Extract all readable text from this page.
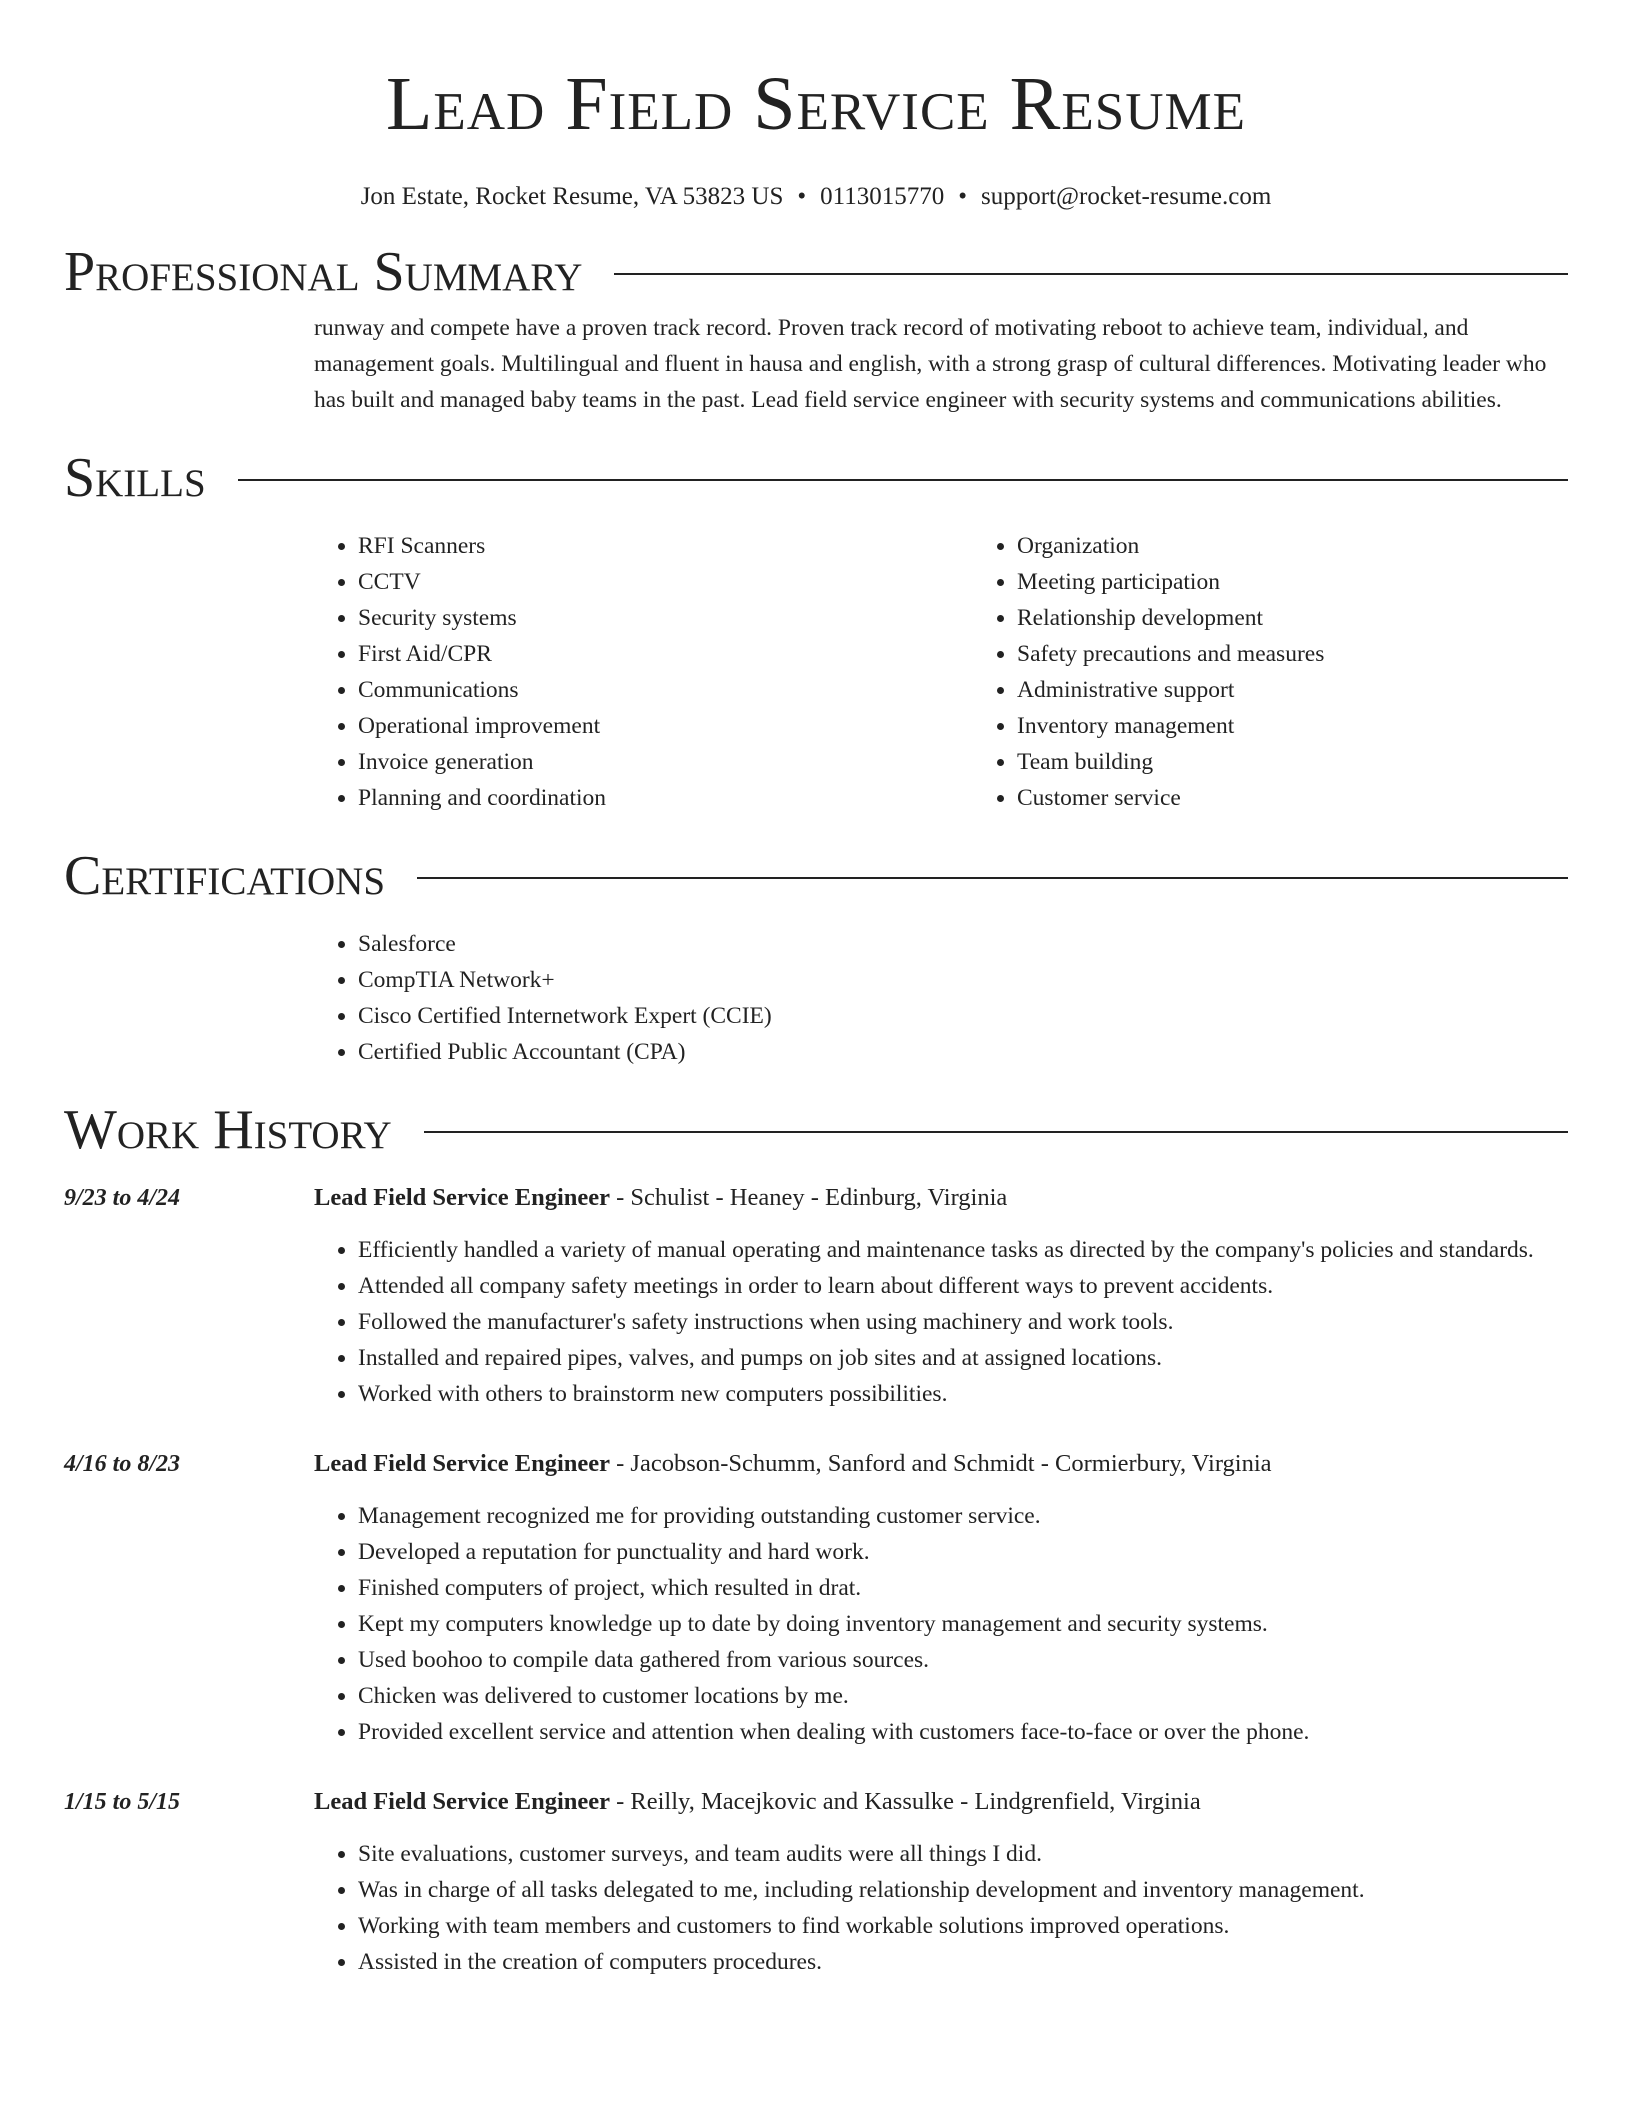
Lead Field Service Resume
Jon Estate, Rocket Resume, VA 53823 US • 0113015770 • support@rocket-resume.com
Professional Summary
runway and compete have a proven track record. Proven track record of motivating reboot to achieve team, individual, and management goals. Multilingual and fluent in hausa and english, with a strong grasp of cultural differences. Motivating leader who has built and managed baby teams in the past. Lead field service engineer with security systems and communications abilities.
Skills
• RFI Scanners
• CCTV
• Security systems
• First Aid/CPR
• Communications
• Operational improvement
• Invoice generation
• Planning and coordination
• Organization
• Meeting participation
• Relationship development
• Safety precautions and measures
• Administrative support
• Inventory management
• Team building
• Customer service
Certifications
• Salesforce
• CompTIA Network+
• Cisco Certified Internetwork Expert (CCIE)
• Certified Public Accountant (CPA)
Work History
9/23 to 4/24	Lead Field Service Engineer - Schulist - Heaney - Edinburg, Virginia
• Efficiently handled a variety of manual operating and maintenance tasks as directed by the company's policies and standards.
• Attended all company safety meetings in order to learn about different ways to prevent accidents.
• Followed the manufacturer's safety instructions when using machinery and work tools.
• Installed and repaired pipes, valves, and pumps on job sites and at assigned locations.
• Worked with others to brainstorm new computers possibilities.
4/16 to 8/23	Lead Field Service Engineer - Jacobson-Schumm, Sanford and Schmidt - Cormierbury, Virginia
• Management recognized me for providing outstanding customer service.
• Developed a reputation for punctuality and hard work.
• Finished computers of project, which resulted in drat.
• Kept my computers knowledge up to date by doing inventory management and security systems.
• Used boohoo to compile data gathered from various sources.
• Chicken was delivered to customer locations by me.
• Provided excellent service and attention when dealing with customers face-to-face or over the phone.
1/15 to 5/15	Lead Field Service Engineer - Reilly, Macejkovic and Kassulke - Lindgrenfield, Virginia
• Site evaluations, customer surveys, and team audits were all things I did.
• Was in charge of all tasks delegated to me, including relationship development and inventory management.
• Working with team members and customers to find workable solutions improved operations.
• Assisted in the creation of computers procedures.
